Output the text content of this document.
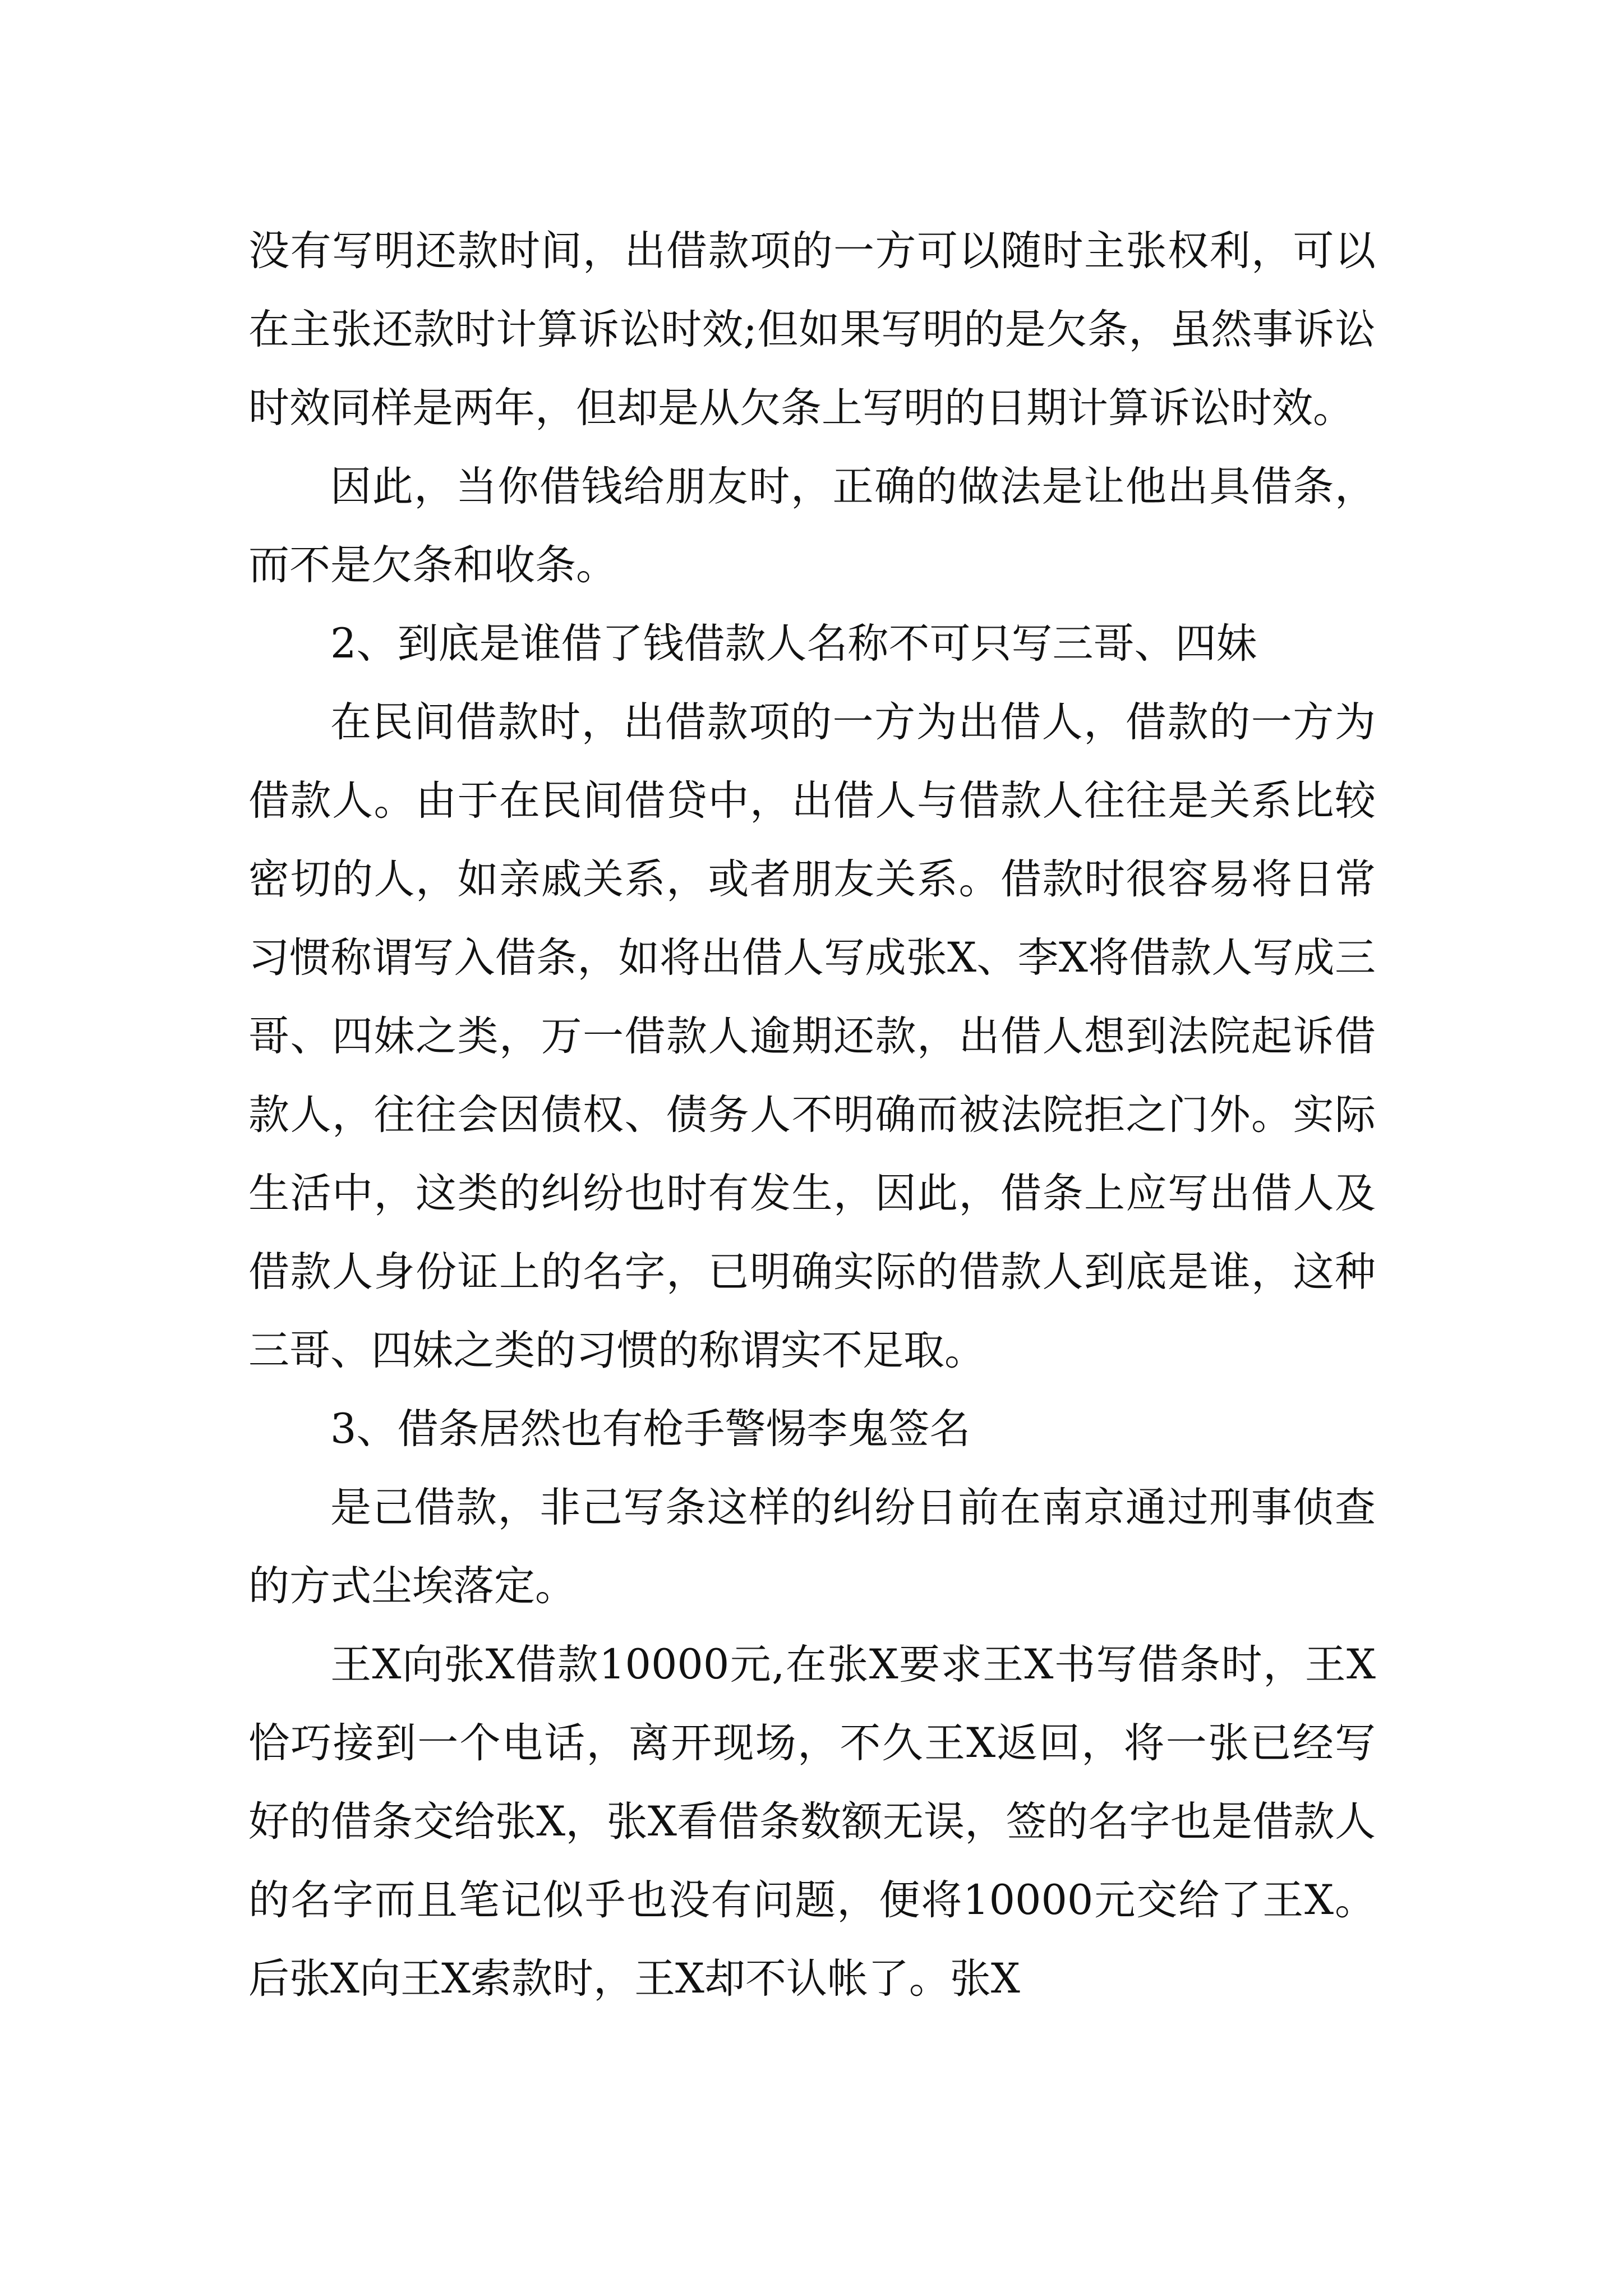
没有写明还款时间，出借款项的一方可以随时主张权利，可以在主张还款时计算诉讼时效;但如果写明的是欠条，虽然事诉讼时效同样是两年，但却是从欠条上写明的日期计算诉讼时效。

因此，当你借钱给朋友时，正确的做法是让他出具借条，而不是欠条和收条。

2、到底是谁借了钱借款人名称不可只写三哥、四妹

在民间借款时，出借款项的一方为出借人，借款的一方为借款人。由于在民间借贷中，出借人与借款人往往是关系比较密切的人，如亲戚关系，或者朋友关系。借款时很容易将日常习惯称谓写入借条，如将出借人写成张X、李X将借款人写成三哥、四妹之类，万一借款人逾期还款，出借人想到法院起诉借款人，往往会因债权、债务人不明确而被法院拒之门外。实际生活中，这类的纠纷也时有发生，因此，借条上应写出借人及借款人身份证上的名字，已明确实际的借款人到底是谁，这种三哥、四妹之类的习惯的称谓实不足取。

3、借条居然也有枪手警惕李鬼签名

是己借款，非己写条这样的纠纷日前在南京通过刑事侦查的方式尘埃落定。

王X向张X借款10000元,在张X要求王X书写借条时，王X恰巧接到一个电话，离开现场，不久王X返回，将一张已经写好的借条交给张X，张X看借条数额无误，签的名字也是借款人的名字而且笔记似乎也没有问题，便将10000元交给了王X。后张X向王X索款时，王X却不认帐了。张X
